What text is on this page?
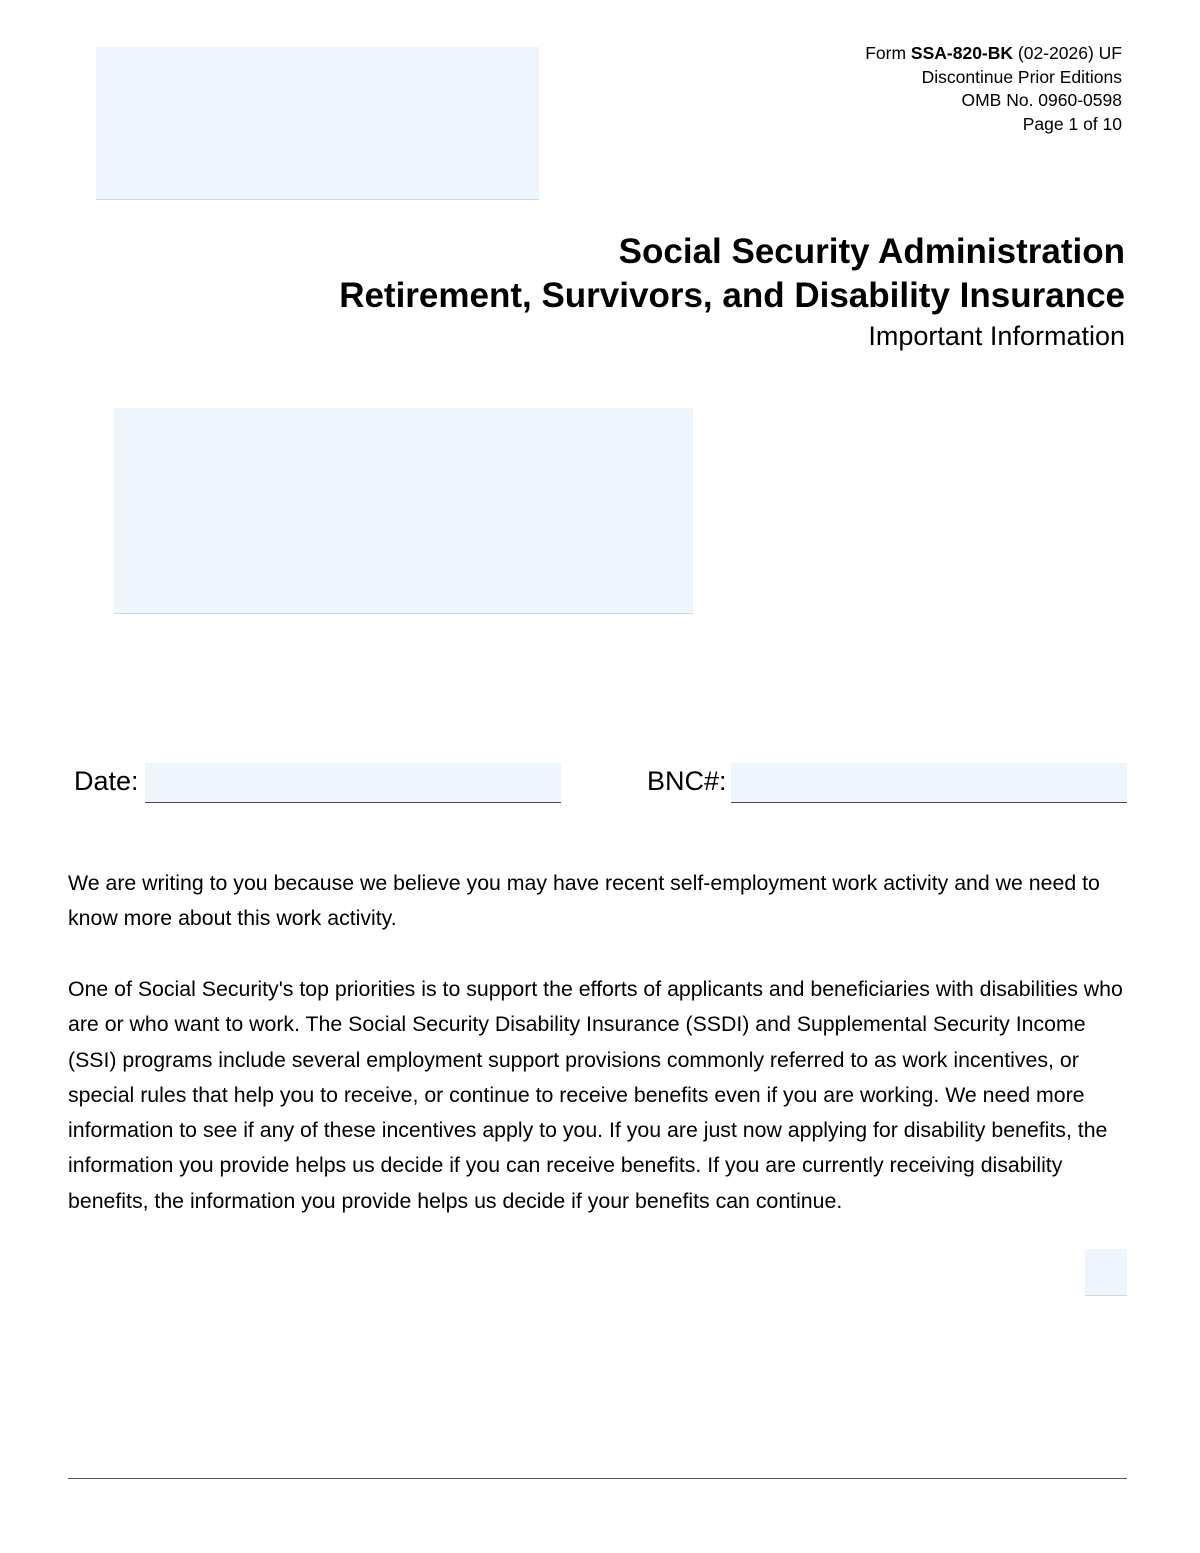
Form SSA-820-BK (02-2026) UF
Discontinue Prior Editions
OMB No. 0960-0598
Page 1 of 10
Social Security Administration
Retirement, Survivors, and Disability Insurance
Important Information
Date:	BNC#:

We are writing to you because we believe you may have recent self-employment work activity and we need to know more about this work activity.

One of Social Security's top priorities is to support the efforts of applicants and beneficiaries with disabilities who are or who want to work. The Social Security Disability Insurance (SSDI) and Supplemental Security Income (SSI) programs include several employment support provisions commonly referred to as work incentives, or special rules that help you to receive, or continue to receive benefits even if you are working. We need more information to see if any of these incentives apply to you. If you are just now applying for disability benefits, the information you provide helps us decide if you can receive benefits. If you are currently receiving disability benefits, the information you provide helps us decide if your benefits can continue.
